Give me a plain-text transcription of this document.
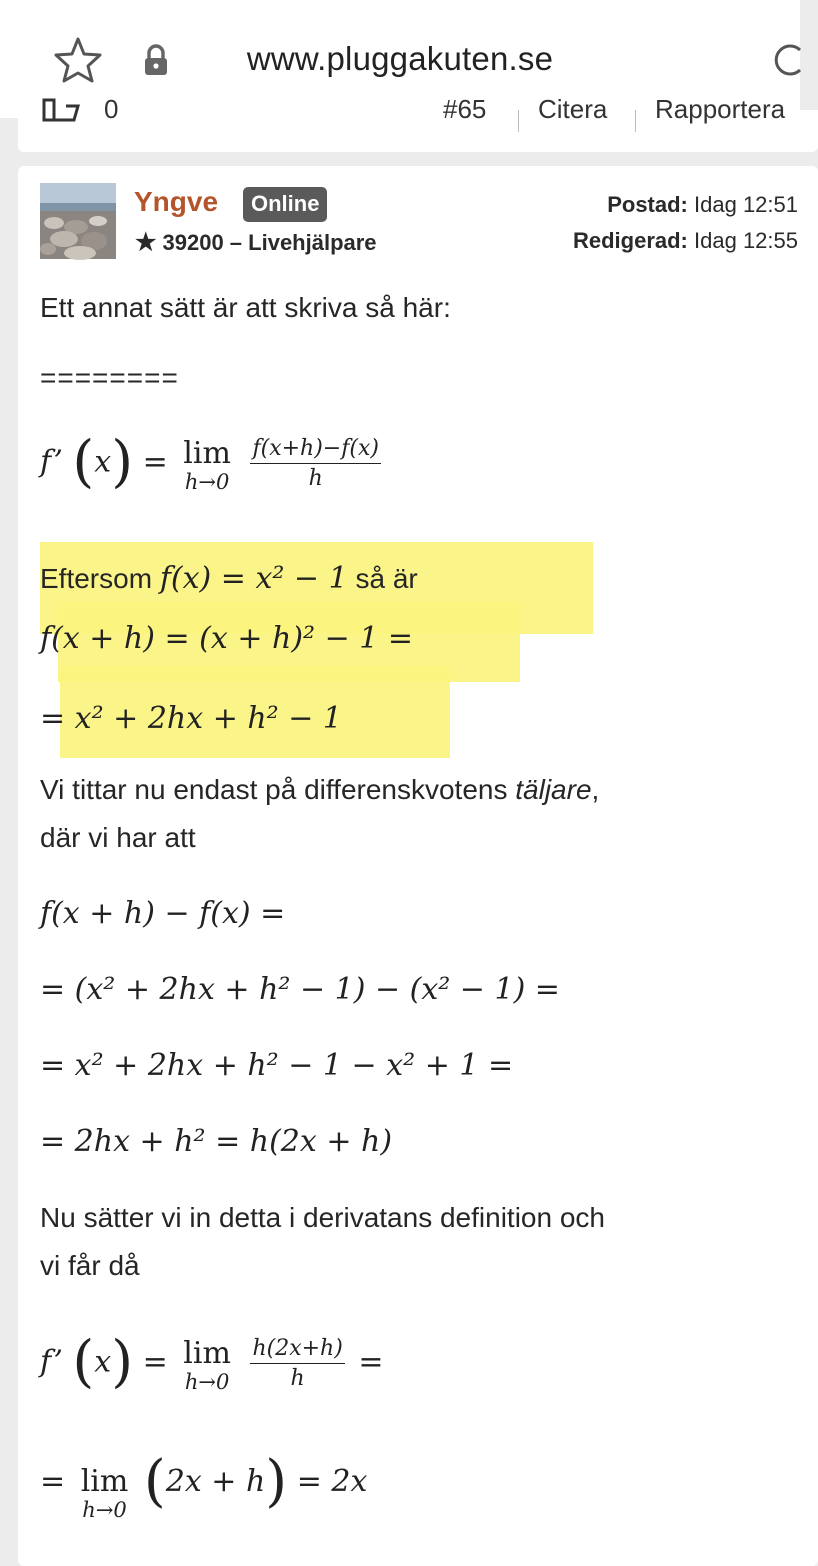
www.pluggakuten.se
0	#65 Citera Rapportera
Yngve	Online
★ 39200 – Livehjälpare
Postad: Idag 12:51
Redigerad: Idag 12:55
Ett annat sätt är att skriva så här:
========
f’ (x) = lim
h→0
$\frac{f(x+h)-f(x)}{h}$
Eftersom f(x) = x² − 1 så är
f(x + h) = (x + h)² − 1 =
= x² + 2hx + h² − 1
Vi tittar nu endast på differenskvotens täljare,
där vi har att
f(x + h) − f(x) =
= (x² + 2hx + h² − 1) − (x² − 1) =
= x² + 2hx + h² − 1 − x² + 1 =
= 2hx + h² = h(2x + h)
Nu sätter vi in detta i derivatans definition och
vi får då
f’ (x) = lim
h→0
$\frac{h(2x+h)}{h}$ =
= lim
h→0 (2x + h) = 2x
